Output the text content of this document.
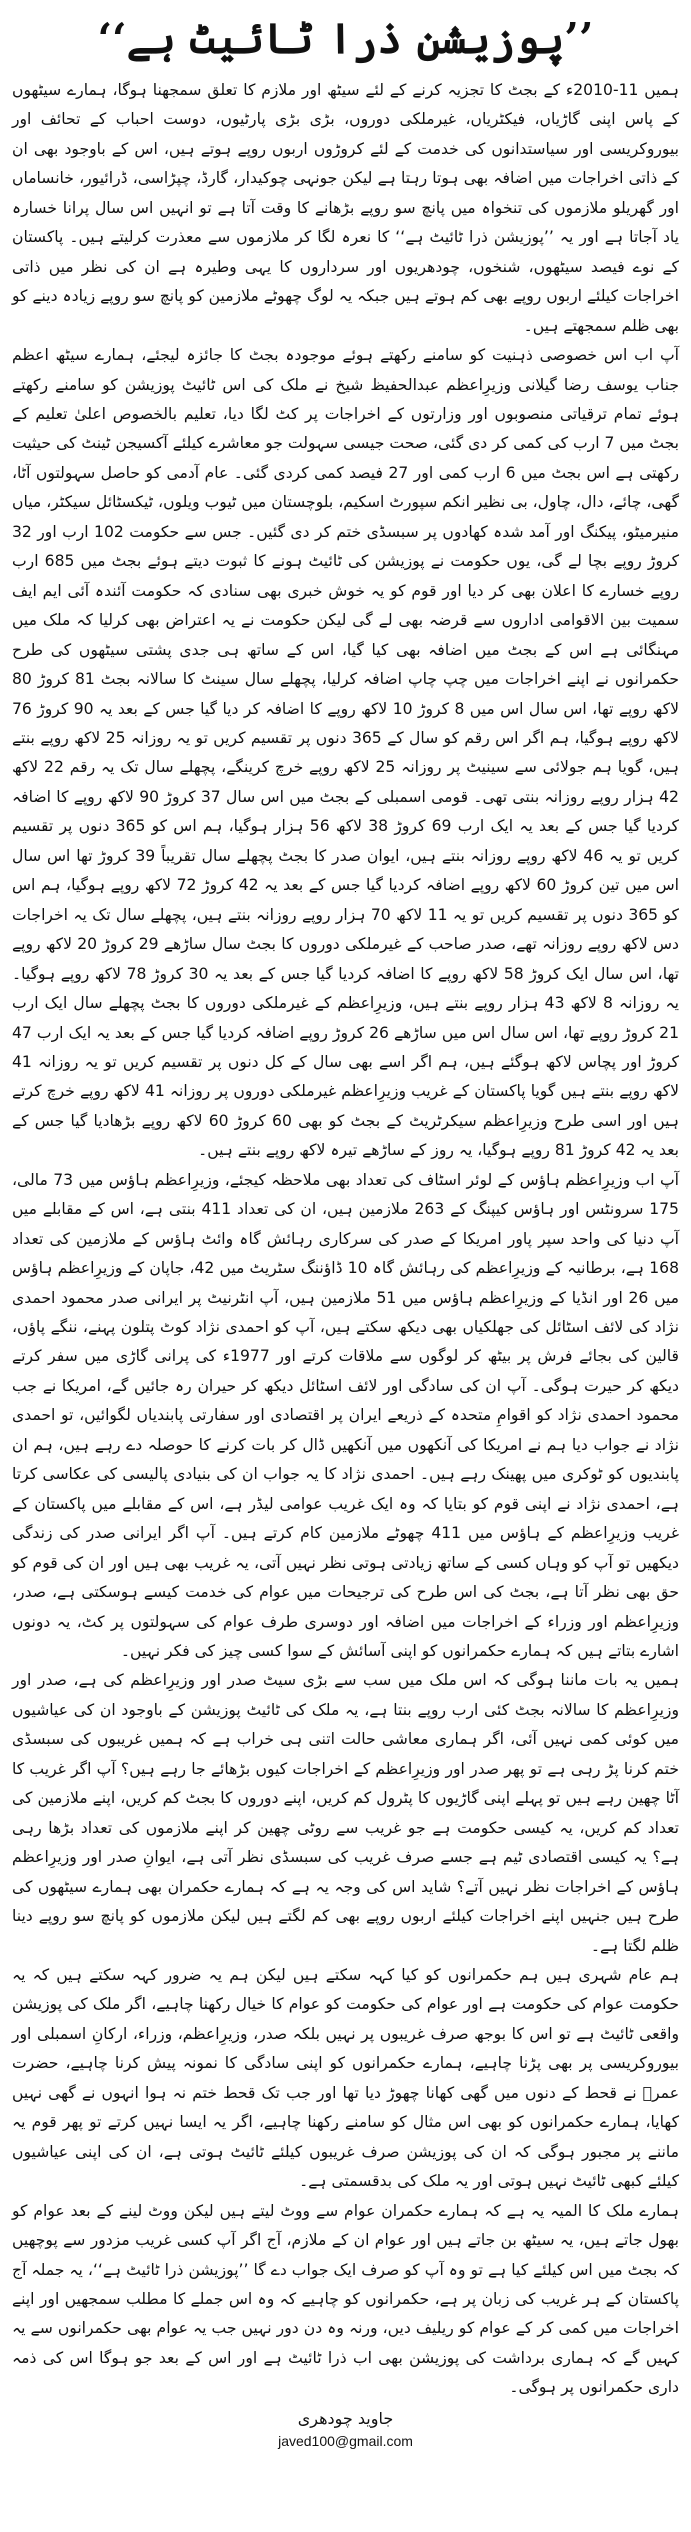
’’پوزیشن ذرا ٹائیٹ ہے‘‘

ہمیں 11-2010ء کے بجٹ کا تجزیہ کرنے کے لئے سیٹھ اور ملازم کا تعلق سمجھنا ہوگا، ہمارے سیٹھوں کے پاس اپنی گاڑیاں، فیکٹریاں، غیرملکی دوروں، بڑی بڑی پارٹیوں، دوست احباب کے تحائف اور بیوروکریسی اور سیاستدانوں کی خدمت کے لئے کروڑوں اربوں روپے ہوتے ہیں، اس کے باوجود بھی ان کے ذاتی اخراجات میں اضافہ بھی ہوتا رہتا ہے لیکن جونہی چوکیدار، گارڈ، چپڑاسی، ڈرائیور، خانساماں اور گھریلو ملازموں کی تنخواہ میں پانچ سو روپے بڑھانے کا وقت آتا ہے تو انہیں اس سال پرانا خسارہ یاد آجاتا ہے اور یہ ’’پوزیشن ذرا ٹائیٹ ہے‘‘ کا نعرہ لگا کر ملازموں سے معذرت کرلیتے ہیں۔ پاکستان کے نوے فیصد سیٹھوں، شنخوں، چودھریوں اور سرداروں کا یہی وطیرہ ہے ان کی نظر میں ذاتی اخراجات کیلئے اربوں روپے بھی کم ہوتے ہیں جبکہ یہ لوگ چھوٹے ملازمین کو پانچ سو روپے زیادہ دینے کو بھی ظلم سمجھتے ہیں۔

آپ اب اس خصوصی ذہنیت کو سامنے رکھتے ہوئے موجودہ بجٹ کا جائزہ لیجئے، ہمارے سیٹھ اعظم جناب یوسف رضا گیلانی وزیرِاعظم عبدالحفیظ شیخ نے ملک کی اس ٹائیٹ پوزیشن کو سامنے رکھتے ہوئے تمام ترقیاتی منصوبوں اور وزارتوں کے اخراجات پر کٹ لگا دیا، تعلیم بالخصوص اعلیٰ تعلیم کے بجٹ میں 7 ارب کی کمی کر دی گئی، صحت جیسی سہولت جو معاشرے کیلئے آکسیجن ٹینٹ کی حیثیت رکھتی ہے اس بجٹ میں 6 ارب کمی اور 27 فیصد کمی کردی گئی۔ عام آدمی کو حاصل سہولتوں آٹا، گھی، چائے، دال، چاول، بی نظیر انکم سپورٹ اسکیم، بلوچستان میں ٹیوب ویلوں، ٹیکسٹائل سیکٹر، میاں منیرمیٹو، پیکنگ اور آمد شدہ کھادوں پر سبسڈی ختم کر دی گئیں۔ جس سے حکومت 102 ارب اور 32 کروڑ روپے بچا لے گی، یوں حکومت نے پوزیشن کی ٹائیٹ ہونے کا ثبوت دیتے ہوئے بجٹ میں 685 ارب روپے خسارے کا اعلان بھی کر دیا اور قوم کو یہ خوش خبری بھی سنادی کہ حکومت آئندہ آئی ایم ایف سمیت بین الاقوامی اداروں سے قرضہ بھی لے گی لیکن حکومت نے یہ اعتراض بھی کرلیا کہ ملک میں مہنگائی ہے اس کے بجٹ میں اضافہ بھی کیا گیا، اس کے ساتھ ہی جدی پشتی سیٹھوں کی طرح حکمرانوں نے اپنے اخراجات میں چپ چاپ اضافہ کرلیا، پچھلے سال سینٹ کا سالانہ بجٹ 81 کروڑ 80 لاکھ روپے تھا، اس سال اس میں 8 کروڑ 10 لاکھ روپے کا اضافہ کر دیا گیا جس کے بعد یہ 90 کروڑ 76 لاکھ روپے ہوگیا، ہم اگر اس رقم کو سال کے 365 دنوں پر تقسیم کریں تو یہ روزانہ 25 لاکھ روپے بنتے ہیں، گویا ہم جولائی سے سینیٹ پر روزانہ 25 لاکھ روپے خرچ کرینگے، پچھلے سال تک یہ رقم 22 لاکھ 42 ہزار روپے روزانہ بنتی تھی۔ قومی اسمبلی کے بجٹ میں اس سال 37 کروڑ 90 لاکھ روپے کا اضافہ کردیا گیا جس کے بعد یہ ایک ارب 69 کروڑ 38 لاکھ 56 ہزار ہوگیا، ہم اس کو 365 دنوں پر تقسیم کریں تو یہ 46 لاکھ روپے روزانہ بنتے ہیں، ایوان صدر کا بجٹ پچھلے سال تقریباً 39 کروڑ تھا اس سال اس میں تین کروڑ 60 لاکھ روپے اضافہ کردیا گیا جس کے بعد یہ 42 کروڑ 72 لاکھ روپے ہوگیا، ہم اس کو 365 دنوں پر تقسیم کریں تو یہ 11 لاکھ 70 ہزار روپے روزانہ بنتے ہیں، پچھلے سال تک یہ اخراجات دس لاکھ روپے روزانہ تھے، صدر صاحب کے غیرملکی دوروں کا بجٹ سال ساڑھے 29 کروڑ 20 لاکھ روپے تھا، اس سال ایک کروڑ 58 لاکھ روپے کا اضافہ کردیا گیا جس کے بعد یہ 30 کروڑ 78 لاکھ روپے ہوگیا۔ یہ روزانہ 8 لاکھ 43 ہزار روپے بنتے ہیں، وزیرِاعظم کے غیرملکی دوروں کا بجٹ پچھلے سال ایک ارب 21 کروڑ روپے تھا، اس سال اس میں ساڑھے 26 کروڑ روپے اضافہ کردیا گیا جس کے بعد یہ ایک ارب 47 کروڑ اور پچاس لاکھ ہوگئے ہیں، ہم اگر اسے بھی سال کے کل دنوں پر تقسیم کریں تو یہ روزانہ 41 لاکھ روپے بنتے ہیں گویا پاکستان کے غریب وزیرِاعظم غیرملکی دوروں پر روزانہ 41 لاکھ روپے خرچ کرتے ہیں اور اسی طرح وزیرِاعظم سیکرٹریٹ کے بجٹ کو بھی 60 کروڑ 60 لاکھ روپے بڑھادیا گیا جس کے بعد یہ 42 کروڑ 81 روپے ہوگیا، یہ روز کے ساڑھے تیرہ لاکھ روپے بنتے ہیں۔

آپ اب وزیرِاعظم ہاؤس کے لوئر اسٹاف کی تعداد بھی ملاحظہ کیجئے، وزیرِاعظم ہاؤس میں 73 مالی، 175 سرونٹس اور ہاؤس کیپنگ کے 263 ملازمین ہیں، ان کی تعداد 411 بنتی ہے، اس کے مقابلے میں آپ دنیا کی واحد سپر پاور امریکا کے صدر کی سرکاری رہائش گاہ وائٹ ہاؤس کے ملازمین کی تعداد 168 ہے، برطانیہ کے وزیرِاعظم کی رہائش گاہ 10 ڈاؤننگ سٹریٹ میں 42، جاپان کے وزیرِاعظم ہاؤس میں 26 اور انڈیا کے وزیرِاعظم ہاؤس میں 51 ملازمین ہیں، آپ انٹرنیٹ پر ایرانی صدر محمود احمدی نژاد کی لائف اسٹائل کی جھلکیاں بھی دیکھ سکتے ہیں، آپ کو احمدی نژاد کوٹ پتلون پہنے، ننگے پاؤں، قالین کی بجائے فرش پر بیٹھ کر لوگوں سے ملاقات کرتے اور 1977ء کی پرانی گاڑی میں سفر کرتے دیکھ کر حیرت ہوگی۔ آپ ان کی سادگی اور لائف اسٹائل دیکھ کر حیران رہ جائیں گے، امریکا نے جب محمود احمدی نژاد کو اقوامِ متحدہ کے ذریعے ایران پر اقتصادی اور سفارتی پابندیاں لگوائیں، تو احمدی نژاد نے جواب دیا ہم نے امریکا کی آنکھوں میں آنکھیں ڈال کر بات کرنے کا حوصلہ دے رہے ہیں، ہم ان پابندیوں کو ٹوکری میں پھینک رہے ہیں۔ احمدی نژاد کا یہ جواب ان کی بنیادی پالیسی کی عکاسی کرتا ہے، احمدی نژاد نے اپنی قوم کو بتایا کہ وہ ایک غریب عوامی لیڈر ہے، اس کے مقابلے میں پاکستان کے غریب وزیرِاعظم کے ہاؤس میں 411 چھوٹے ملازمین کام کرتے ہیں۔ آپ اگر ایرانی صدر کی زندگی دیکھیں تو آپ کو وہاں کسی کے ساتھ زیادتی ہوتی نظر نہیں آتی، یہ غریب بھی ہیں اور ان کی قوم کو حق بھی نظر آتا ہے، بجٹ کی اس طرح کی ترجیحات میں عوام کی خدمت کیسے ہوسکتی ہے، صدر، وزیرِاعظم اور وزراء کے اخراجات میں اضافہ اور دوسری طرف عوام کی سہولتوں پر کٹ، یہ دونوں اشارے بتاتے ہیں کہ ہمارے حکمرانوں کو اپنی آسائش کے سوا کسی چیز کی فکر نہیں۔

ہمیں یہ بات ماننا ہوگی کہ اس ملک میں سب سے بڑی سیٹ صدر اور وزیرِاعظم کی ہے، صدر اور وزیرِاعظم کا سالانہ بجٹ کئی ارب روپے بنتا ہے، یہ ملک کی ٹائیٹ پوزیشن کے باوجود ان کی عیاشیوں میں کوئی کمی نہیں آئی، اگر ہماری معاشی حالت اتنی ہی خراب ہے کہ ہمیں غریبوں کی سبسڈی ختم کرنا پڑ رہی ہے تو پھر صدر اور وزیرِاعظم کے اخراجات کیوں بڑھائے جا رہے ہیں؟ آپ اگر غریب کا آٹا چھین رہے ہیں تو پہلے اپنی گاڑیوں کا پٹرول کم کریں، اپنے دوروں کا بجٹ کم کریں، اپنے ملازمین کی تعداد کم کریں، یہ کیسی حکومت ہے جو غریب سے روٹی چھین کر اپنے ملازموں کی تعداد بڑھا رہی ہے؟ یہ کیسی اقتصادی ٹیم ہے جسے صرف غریب کی سبسڈی نظر آتی ہے، ایوانِ صدر اور وزیرِاعظم ہاؤس کے اخراجات نظر نہیں آتے؟ شاید اس کی وجہ یہ ہے کہ ہمارے حکمران بھی ہمارے سیٹھوں کی طرح ہیں جنہیں اپنے اخراجات کیلئے اربوں روپے بھی کم لگتے ہیں لیکن ملازموں کو پانچ سو روپے دینا ظلم لگتا ہے۔

ہم عام شہری ہیں ہم حکمرانوں کو کیا کہہ سکتے ہیں لیکن ہم یہ ضرور کہہ سکتے ہیں کہ یہ حکومت عوام کی حکومت ہے اور عوام کی حکومت کو عوام کا خیال رکھنا چاہیے، اگر ملک کی پوزیشن واقعی ٹائیٹ ہے تو اس کا بوجھ صرف غریبوں پر نہیں بلکہ صدر، وزیرِاعظم، وزراء، ارکانِ اسمبلی اور بیوروکریسی پر بھی پڑنا چاہیے، ہمارے حکمرانوں کو اپنی سادگی کا نمونہ پیش کرنا چاہیے، حضرت عمرؓ نے قحط کے دنوں میں گھی کھانا چھوڑ دیا تھا اور جب تک قحط ختم نہ ہوا انہوں نے گھی نہیں کھایا، ہمارے حکمرانوں کو بھی اس مثال کو سامنے رکھنا چاہیے، اگر یہ ایسا نہیں کرتے تو پھر قوم یہ ماننے پر مجبور ہوگی کہ ان کی پوزیشن صرف غریبوں کیلئے ٹائیٹ ہوتی ہے، ان کی اپنی عیاشیوں کیلئے کبھی ٹائیٹ نہیں ہوتی اور یہ ملک کی بدقسمتی ہے۔

ہمارے ملک کا المیہ یہ ہے کہ ہمارے حکمران عوام سے ووٹ لیتے ہیں لیکن ووٹ لینے کے بعد عوام کو بھول جاتے ہیں، یہ سیٹھ بن جاتے ہیں اور عوام ان کے ملازم، آج اگر آپ کسی غریب مزدور سے پوچھیں کہ بجٹ میں اس کیلئے کیا ہے تو وہ آپ کو صرف ایک جواب دے گا ’’پوزیشن ذرا ٹائیٹ ہے‘‘، یہ جملہ آج پاکستان کے ہر غریب کی زبان پر ہے، حکمرانوں کو چاہیے کہ وہ اس جملے کا مطلب سمجھیں اور اپنے اخراجات میں کمی کر کے عوام کو ریلیف دیں، ورنہ وہ دن دور نہیں جب یہ عوام بھی حکمرانوں سے یہ کہیں گے کہ ہماری برداشت کی پوزیشن بھی اب ذرا ٹائیٹ ہے اور اس کے بعد جو ہوگا اس کی ذمہ داری حکمرانوں پر ہوگی۔

جاوید چودھری
javed100@gmail.com
